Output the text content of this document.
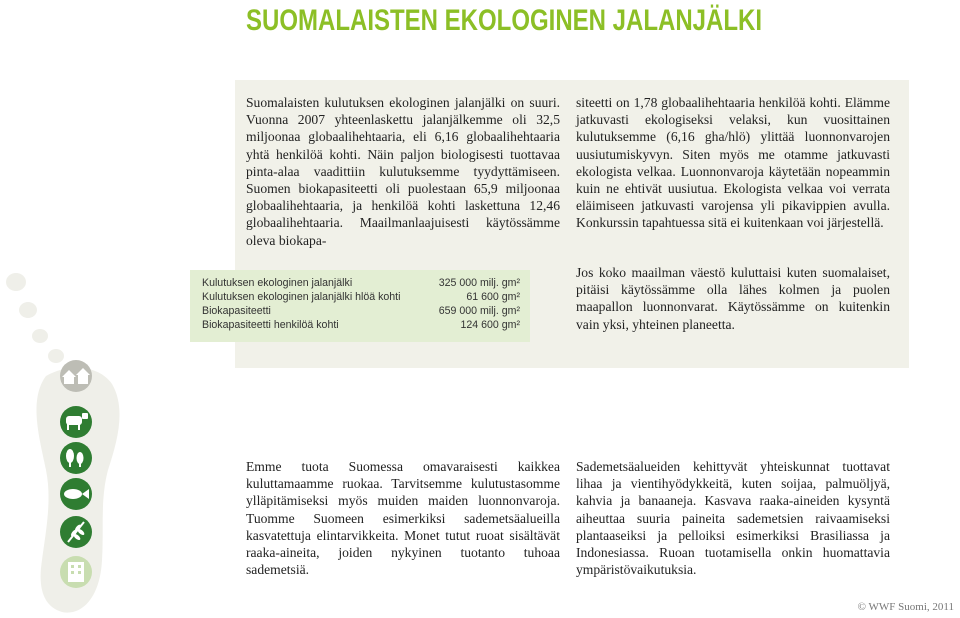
SUOMALAISTEN EKOLOGINEN JALANJÄLKI

Suomalaisten kulutuksen ekologinen jalanjälki on suuri. Vuonna 2007 yhteenlaskettu jalanjälkemme oli 32,5 miljoonaa globaalihehtaaria, eli 6,16 globaalihehtaaria yhtä henkilöä kohti. Näin paljon biologisesti tuottavaa pinta-alaa vaadittiin kulutuksemme tyydyttämiseen. Suomen biokapasiteetti oli puolestaan 65,9 miljoonaa globaalihehtaaria, ja henkilöä kohti laskettuna 12,46 globaalihehtaaria. Maailmanlaajuisesti käytössämme oleva biokapa-

siteetti on 1,78 globaalihehtaaria henkilöä kohti. Elämme jatkuvasti ekologiseksi velaksi, kun vuosittainen kulutuksemme (6,16 gha/hlö) ylittää luonnonvarojen uusiutumiskyvyn. Siten myös me otamme jatkuvasti ekologista velkaa. Luonnonvaroja käytetään nopeammin kuin ne ehtivät uusiutua. Ekologista velkaa voi verrata eläimiseen jatkuvasti varojensa yli pikavippien avulla. Konkurssin tapahtuessa sitä ei kuitenkaan voi järjestellä.

Jos koko maailman väestö kuluttaisi kuten suomalaiset, pitäisi käytössämme olla lähes kolmen ja puolen maapallon luonnonvarat. Käytössämme on kuitenkin vain yksi, yhteinen planeetta.

Kulutuksen ekologinen jalanjälki	325 000 milj. gm²
Kulutuksen ekologinen jalanjälki hlöä kohti	61 600 gm²
Biokapasiteetti	659 000 milj. gm²
Biokapasiteetti henkilöä kohti	124 600 gm²

Emme tuota Suomessa omavaraisesti kaikkea kuluttamaamme ruokaa. Tarvitsemme kulutustasomme ylläpitämiseksi myös muiden maiden luonnonvaroja. Tuomme Suomeen esimerkiksi sademetsäalueilla kasvatettuja elintarvikkeita. Monet tutut ruoat sisältävät raaka-aineita, joiden nykyinen tuotanto tuhoaa sademetsiä.

Sademetsäalueiden kehittyvät yhteiskunnat tuottavat lihaa ja vientihyödykkeitä, kuten soijaa, palmuöljyä, kahvia ja banaaneja. Kasvava raaka-aineiden kysyntä aiheuttaa suuria paineita sademetsien raivaamiseksi plantaaseiksi ja pelloiksi esimerkiksi Brasiliassa ja Indonesiassa. Ruoan tuotamisella onkin huomattavia ympäristövaikutuksia.

© WWF Suomi, 2011
